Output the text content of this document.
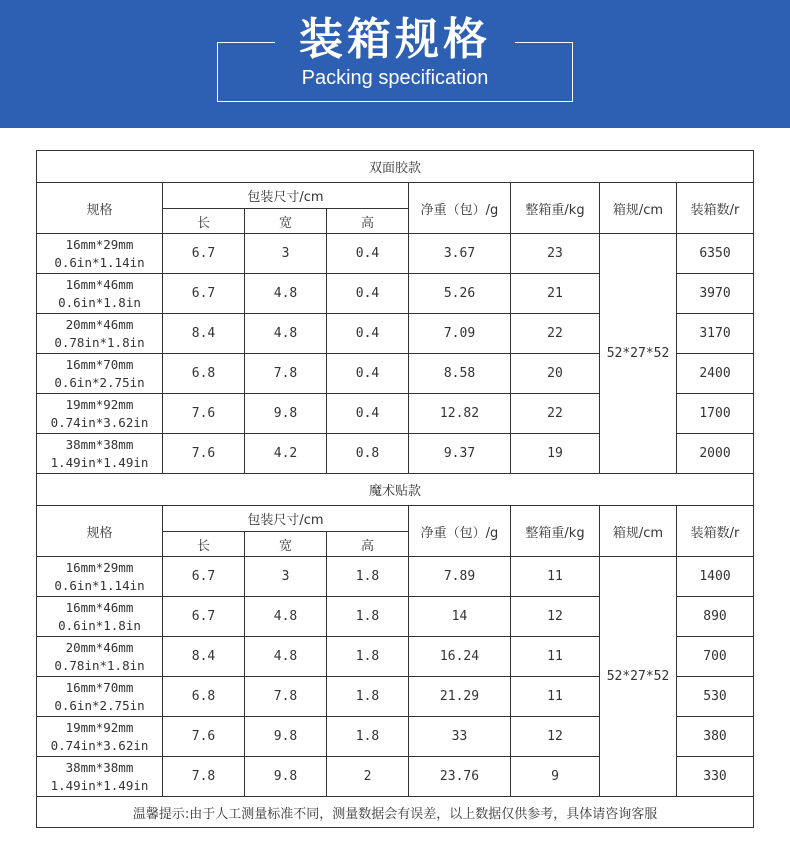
装箱规格
Packing specification
双面胶款							
规格	包装尺寸/cm			净重（包）/g	整箱重/kg	箱规/cm	装箱数/r
	长	宽	高				

16mm*29mm
0.6in*1.14in	6.7	3	0.4	3.67	23	52*27*52	6350

16mm*46mm
0.6in*1.8in	6.7	4.8	0.4	5.26	21		3970

20mm*46mm
0.78in*1.8in	8.4	4.8	0.4	7.09	22		3170

16mm*70mm
0.6in*2.75in	6.8	7.8	0.4	8.58	20		2400

19mm*92mm
0.74in*3.62in	7.6	9.8	0.4	12.82	22		1700

38mm*38mm
1.49in*1.49in	7.6	4.2	0.8	9.37	19		2000
魔术贴款							
规格	包装尺寸/cm			净重（包）/g	整箱重/kg	箱规/cm	装箱数/r
	长	宽	高				

16mm*29mm
0.6in*1.14in	6.7	3	1.8	7.89	11	52*27*52	1400

16mm*46mm
0.6in*1.8in	6.7	4.8	1.8	14	12		890

20mm*46mm
0.78in*1.8in	8.4	4.8	1.8	16.24	11		700

16mm*70mm
0.6in*2.75in	6.8	7.8	1.8	21.29	11		530

19mm*92mm
0.74in*3.62in	7.6	9.8	1.8	33	12		380

38mm*38mm
1.49in*1.49in	7.8	9.8	2	23.76	9		330
温馨提示:由于人工测量标准不同，测量数据会有误差，以上数据仅供参考，具体请咨询客服							
